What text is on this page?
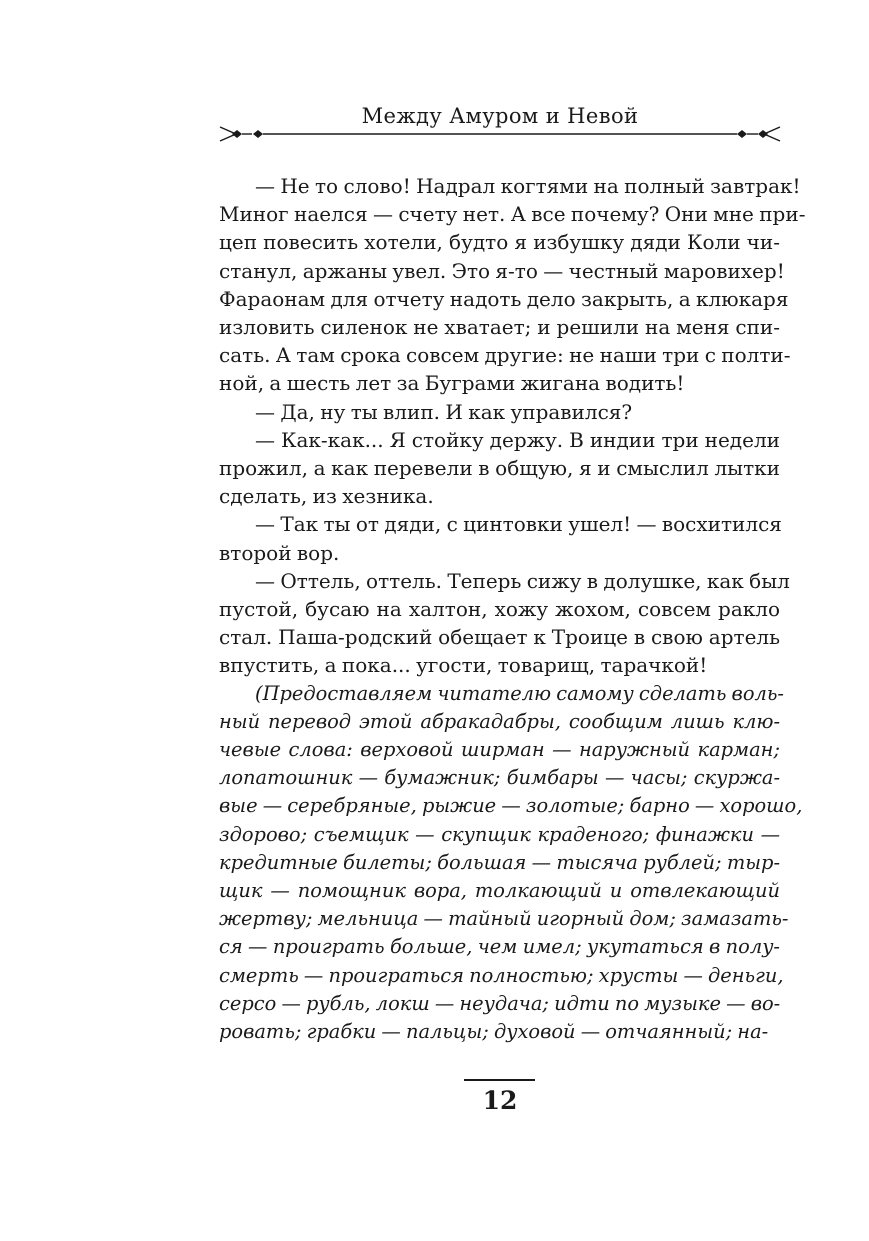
Между Амуром и Невой

— Не то слово! Надрал когтями на полный завтрак!
Миног наелся — счету нет. А все почему? Они мне при-
цеп повесить хотели, будто я избушку дяди Коли чи-
станул, аржаны увел. Это я-то — честный маровихер!
Фараонам для отчету надоть дело закрыть, а клюкаря
изловить силенок не хватает; и решили на меня спи-
сать. А там срока совсем другие: не наши три с полти-
ной, а шесть лет за Буграми жигана водить!

— Да, ну ты влип. И как управился?

— Как-как... Я стойку держу. В индии три недели
прожил, а как перевели в общую, я и смыслил лытки
сделать, из хезника.

— Так ты от дяди, с цинтовки ушел! — восхитился
второй вор.

— Оттель, оттель. Теперь сижу в долушке, как был
пустой, бусаю на халтон, хожу жохом, совсем ракло
стал. Паша-родский обещает к Троице в свою артель
впустить, а пока... угости, товарищ, тарачкой!

(Предоставляем читателю самому сделать воль-
ный перевод этой абракадабры, сообщим лишь клю-
чевые слова: верховой ширман — наружный карман;
лопатошник — бумажник; бимбары — часы; скуржа-
вые — серебряные, рыжие — золотые; барно — хорошо,
здорово; съемщик — скупщик краденого; финажки —
кредитные билеты; большая — тысяча рублей; тыр-
щик — помощник вора, толкающий и отвлекающий
жертву; мельница — тайный игорный дом; замазать-
ся — проиграть больше, чем имел; укутаться в полу-
смерть — проиграться полностью; хрусты — деньги,
серсо — рубль, локш — неудача; идти по музыке — во-
ровать; грабки — пальцы; духовой — отчаянный; на-

12
